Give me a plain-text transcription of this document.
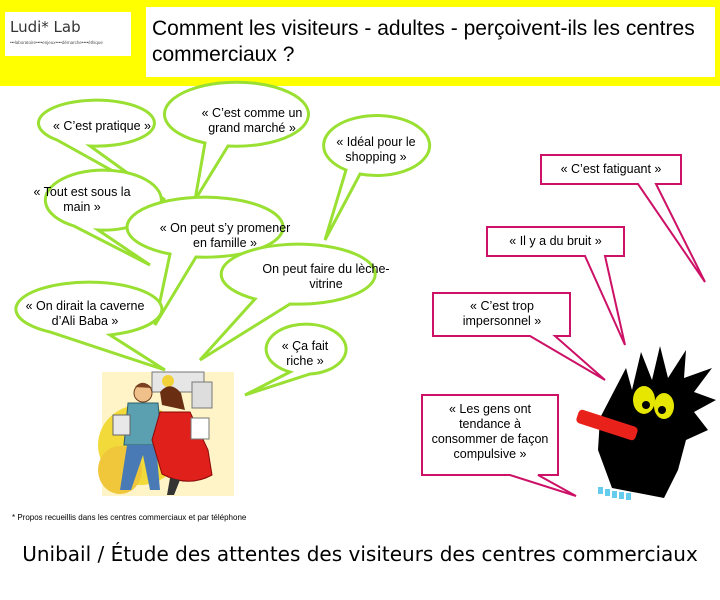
Ludi* Lab
•••laboratoire••••enjeux••••démarche••••éthique
Comment les visiteurs - adultes - perçoivent-ils les centres commerciaux ?
« C’est pratique »
« C’est comme un grand marché »
« Idéal pour le shopping »
« Tout est sous la main »
« On peut s’y promener en famille »
On peut faire du lèche-vitrine
« On dirait la caverne d’Ali Baba »
« Ça fait riche »
« C’est fatiguant »
« Il y a du bruit »
« C’est trop impersonnel »
« Les gens ont tendance à consommer de façon compulsive »
* Propos recueillis dans les centres commerciaux et par téléphone
Unibail / Étude des attentes des visiteurs des centres commerciaux
